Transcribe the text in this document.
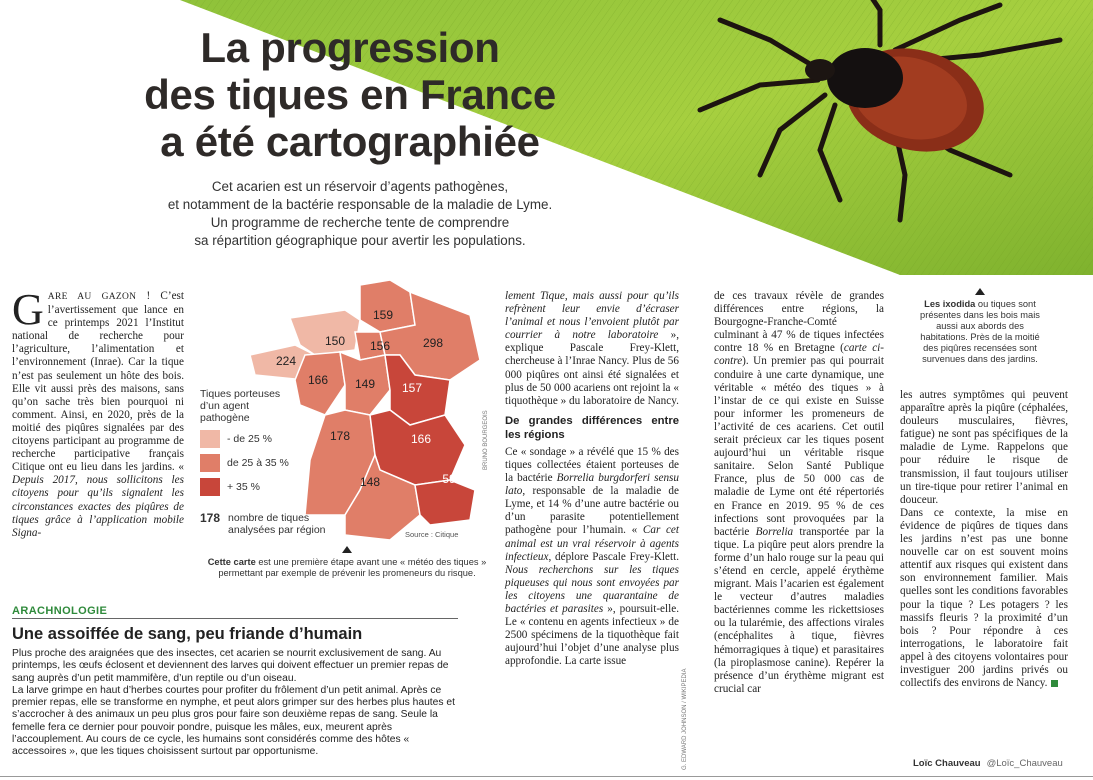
La progression
des tiques en France
a été cartographiée
Cet acarien est un réservoir d’agents pathogènes,
et notamment de la bactérie responsable de la maladie de Lyme.
Un programme de recherche tente de comprendre
sa répartition géographique pour avertir les populations.
Les ixodida ou tiques sont présentes dans les bois mais aussi aux abords des habitations. Près de la moitié des piqûres recensées sont survenues dans des jardins.

GARE AU GAZON ! C’est l’avertissement que lance en ce printemps 2021 l’Institut national de recherche pour l’agriculture, l’alimentation et l’environnement (Inrae). Car la tique n’est pas seulement un hôte des bois. Elle vit aussi près des maisons, sans qu’on sache très bien pourquoi ni comment. Ainsi, en 2020, près de la moitié des piqûres signalées par des citoyens participant au programme de recherche participative français Citique ont eu lieu dans les jardins. « Depuis 2017, nous sollicitons les citoyens pour qu’ils signalent les circonstances exactes des piqûres de tiques grâce à l’application mobile Signa-

159
150 156	298
224
166 149 157
178	166
148	59
Tiques porteuses d’un agent pathogène
- de 25 %
de 25 à 35 %
+ 35 %
178 nombre de tiques analysées par région	Source : Citique
BRUNO BOURGEOIS
Cette carte est une première étape avant une « météo des tiques » permettant par exemple de prévenir les promeneurs du risque.

lement Tique, mais aussi pour qu’ils refrènent leur envie d’écraser l’animal et nous l’envoient plutôt par courrier à notre laboratoire », explique Pascale Frey-Klett, chercheuse à l’Inrae Nancy. Plus de 56 000 piqûres ont ainsi été signalées et plus de 50 000 acariens ont rejoint la « tiquothèque » du laboratoire de Nancy.

De grandes différences entre les régions

Ce « sondage » a révélé que 15 % des tiques collectées étaient porteuses de la bactérie Borrelia burgdorferi sensu lato, responsable de la maladie de Lyme, et 14 % d’une autre bactérie ou d’un parasite potentiellement pathogène pour l’humain. « Car cet animal est un vrai réservoir à agents infectieux, déplore Pascale Frey-Klett. Nous recherchons sur les tiques piqueuses qui nous sont envoyées par les citoyens une quarantaine de bactéries et parasites », poursuit-elle. Le « contenu en agents infectieux » de 2500 spécimens de la tiquothèque fait aujourd’hui l’objet d’une analyse plus approfondie. La carte issue

G. EDWARD JOHNSON / WIKIPEDIA

de ces travaux révèle de grandes différences entre régions, la Bourgogne-Franche-Comté culminant à 47 % de tiques infectées contre 18 % en Bretagne (carte ci-contre). Un premier pas qui pourrait conduire à une carte dynamique, une véritable « météo des tiques » à l’instar de ce qui existe en Suisse pour informer les promeneurs de l’activité de ces acariens. Cet outil serait précieux car les tiques posent aujourd’hui un véritable risque sanitaire. Selon Santé Publique France, plus de 50 000 cas de maladie de Lyme ont été répertoriés en France en 2019. 95 % de ces infections sont provoquées par la bactérie Borrelia transportée par la tique. La piqûre peut alors prendre la forme d’un halo rouge sur la peau qui s’étend en cercle, appelé érythème migrant. Mais l’acarien est également le vecteur d’autres maladies bactériennes comme les rickettsioses ou la tularémie, des affections virales (encéphalites à tique, fièvres hémorragiques à tique) et parasitaires (la piroplasmose canine). Repérer la présence d’un érythème migrant est crucial car

les autres symptômes qui peuvent apparaître après la piqûre (céphalées, douleurs musculaires, fièvres, fatigue) ne sont pas spécifiques de la maladie de Lyme. Rappelons que pour réduire le risque de transmission, il faut toujours utiliser un tire-tique pour retirer l’animal en douceur.

Dans ce contexte, la mise en évidence de piqûres de tiques dans les jardins n’est pas une bonne nouvelle car on est souvent moins attentif aux risques qui existent dans son environnement familier. Mais quelles sont les conditions favorables pour la tique ? Les potagers ? les massifs fleuris ? la proximité d’un bois ? Pour répondre à ces interrogations, le laboratoire fait appel à des citoyens volontaires pour investiguer 200 jardins privés ou collectifs des environs de Nancy.

ARACHNOLOGIE
Une assoiffée de sang, peu friande d’humain

Plus proche des araignées que des insectes, cet acarien se nourrit exclusivement de sang. Au printemps, les œufs éclosent et deviennent des larves qui doivent effectuer un premier repas de sang auprès d’un petit mammifère, d’un reptile ou d’un oiseau.

La larve grimpe en haut d’herbes courtes pour profiter du frôlement d’un petit animal. Après ce premier repas, elle se transforme en nymphe, et peut alors grimper sur des herbes plus hautes et s’accrocher à des animaux un peu plus gros pour faire son deuxième repas de sang. Seule la femelle fera ce dernier pour pouvoir pondre, puisque les mâles, eux, meurent après l’accouplement. Au cours de ce cycle, les humains sont considérés comme des hôtes « accessoires », que les tiques choisissent surtout par opportunisme.

Loïc Chauveau @Loïc_Chauveau
